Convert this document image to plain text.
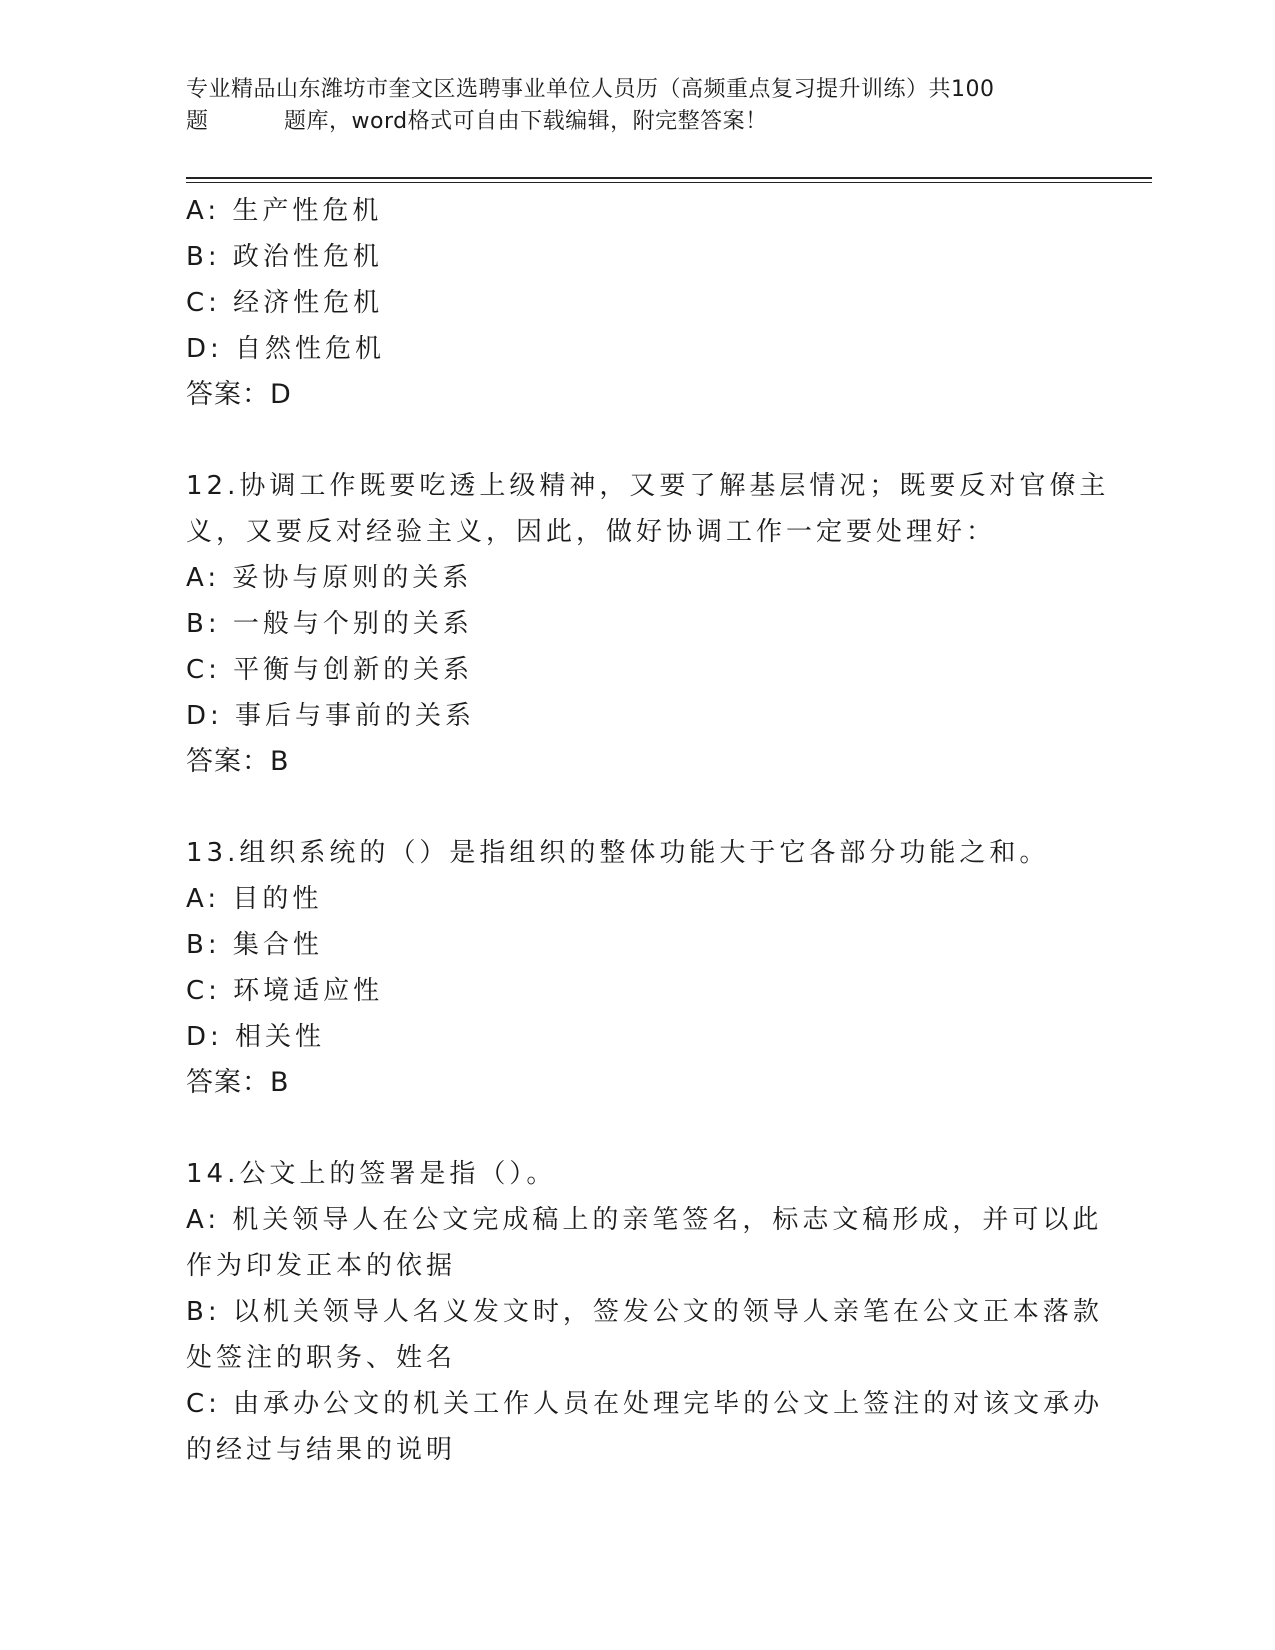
专业精品山东潍坊市奎文区选聘事业单位人员历（高频重点复习提升训练）共100
题	题库，word格式可自由下载编辑，附完整答案！
A: 生产性危机
B: 政治性危机
C: 经济性危机
D: 自然性危机
答案：D
12.协调工作既要吃透上级精神，又要了解基层情况；既要反对官僚主
义，又要反对经验主义，因此，做好协调工作一定要处理好：
A: 妥协与原则的关系
B: 一般与个别的关系
C: 平衡与创新的关系
D: 事后与事前的关系
答案：B
13.组织系统的（）是指组织的整体功能大于它各部分功能之和。
A: 目的性
B: 集合性
C: 环境适应性
D: 相关性
答案：B
14.公文上的签署是指（）。
A: 机关领导人在公文完成稿上的亲笔签名，标志文稿形成，并可以此
作为印发正本的依据
B: 以机关领导人名义发文时，签发公文的领导人亲笔在公文正本落款
处签注的职务、姓名
C: 由承办公文的机关工作人员在处理完毕的公文上签注的对该文承办
的经过与结果的说明
